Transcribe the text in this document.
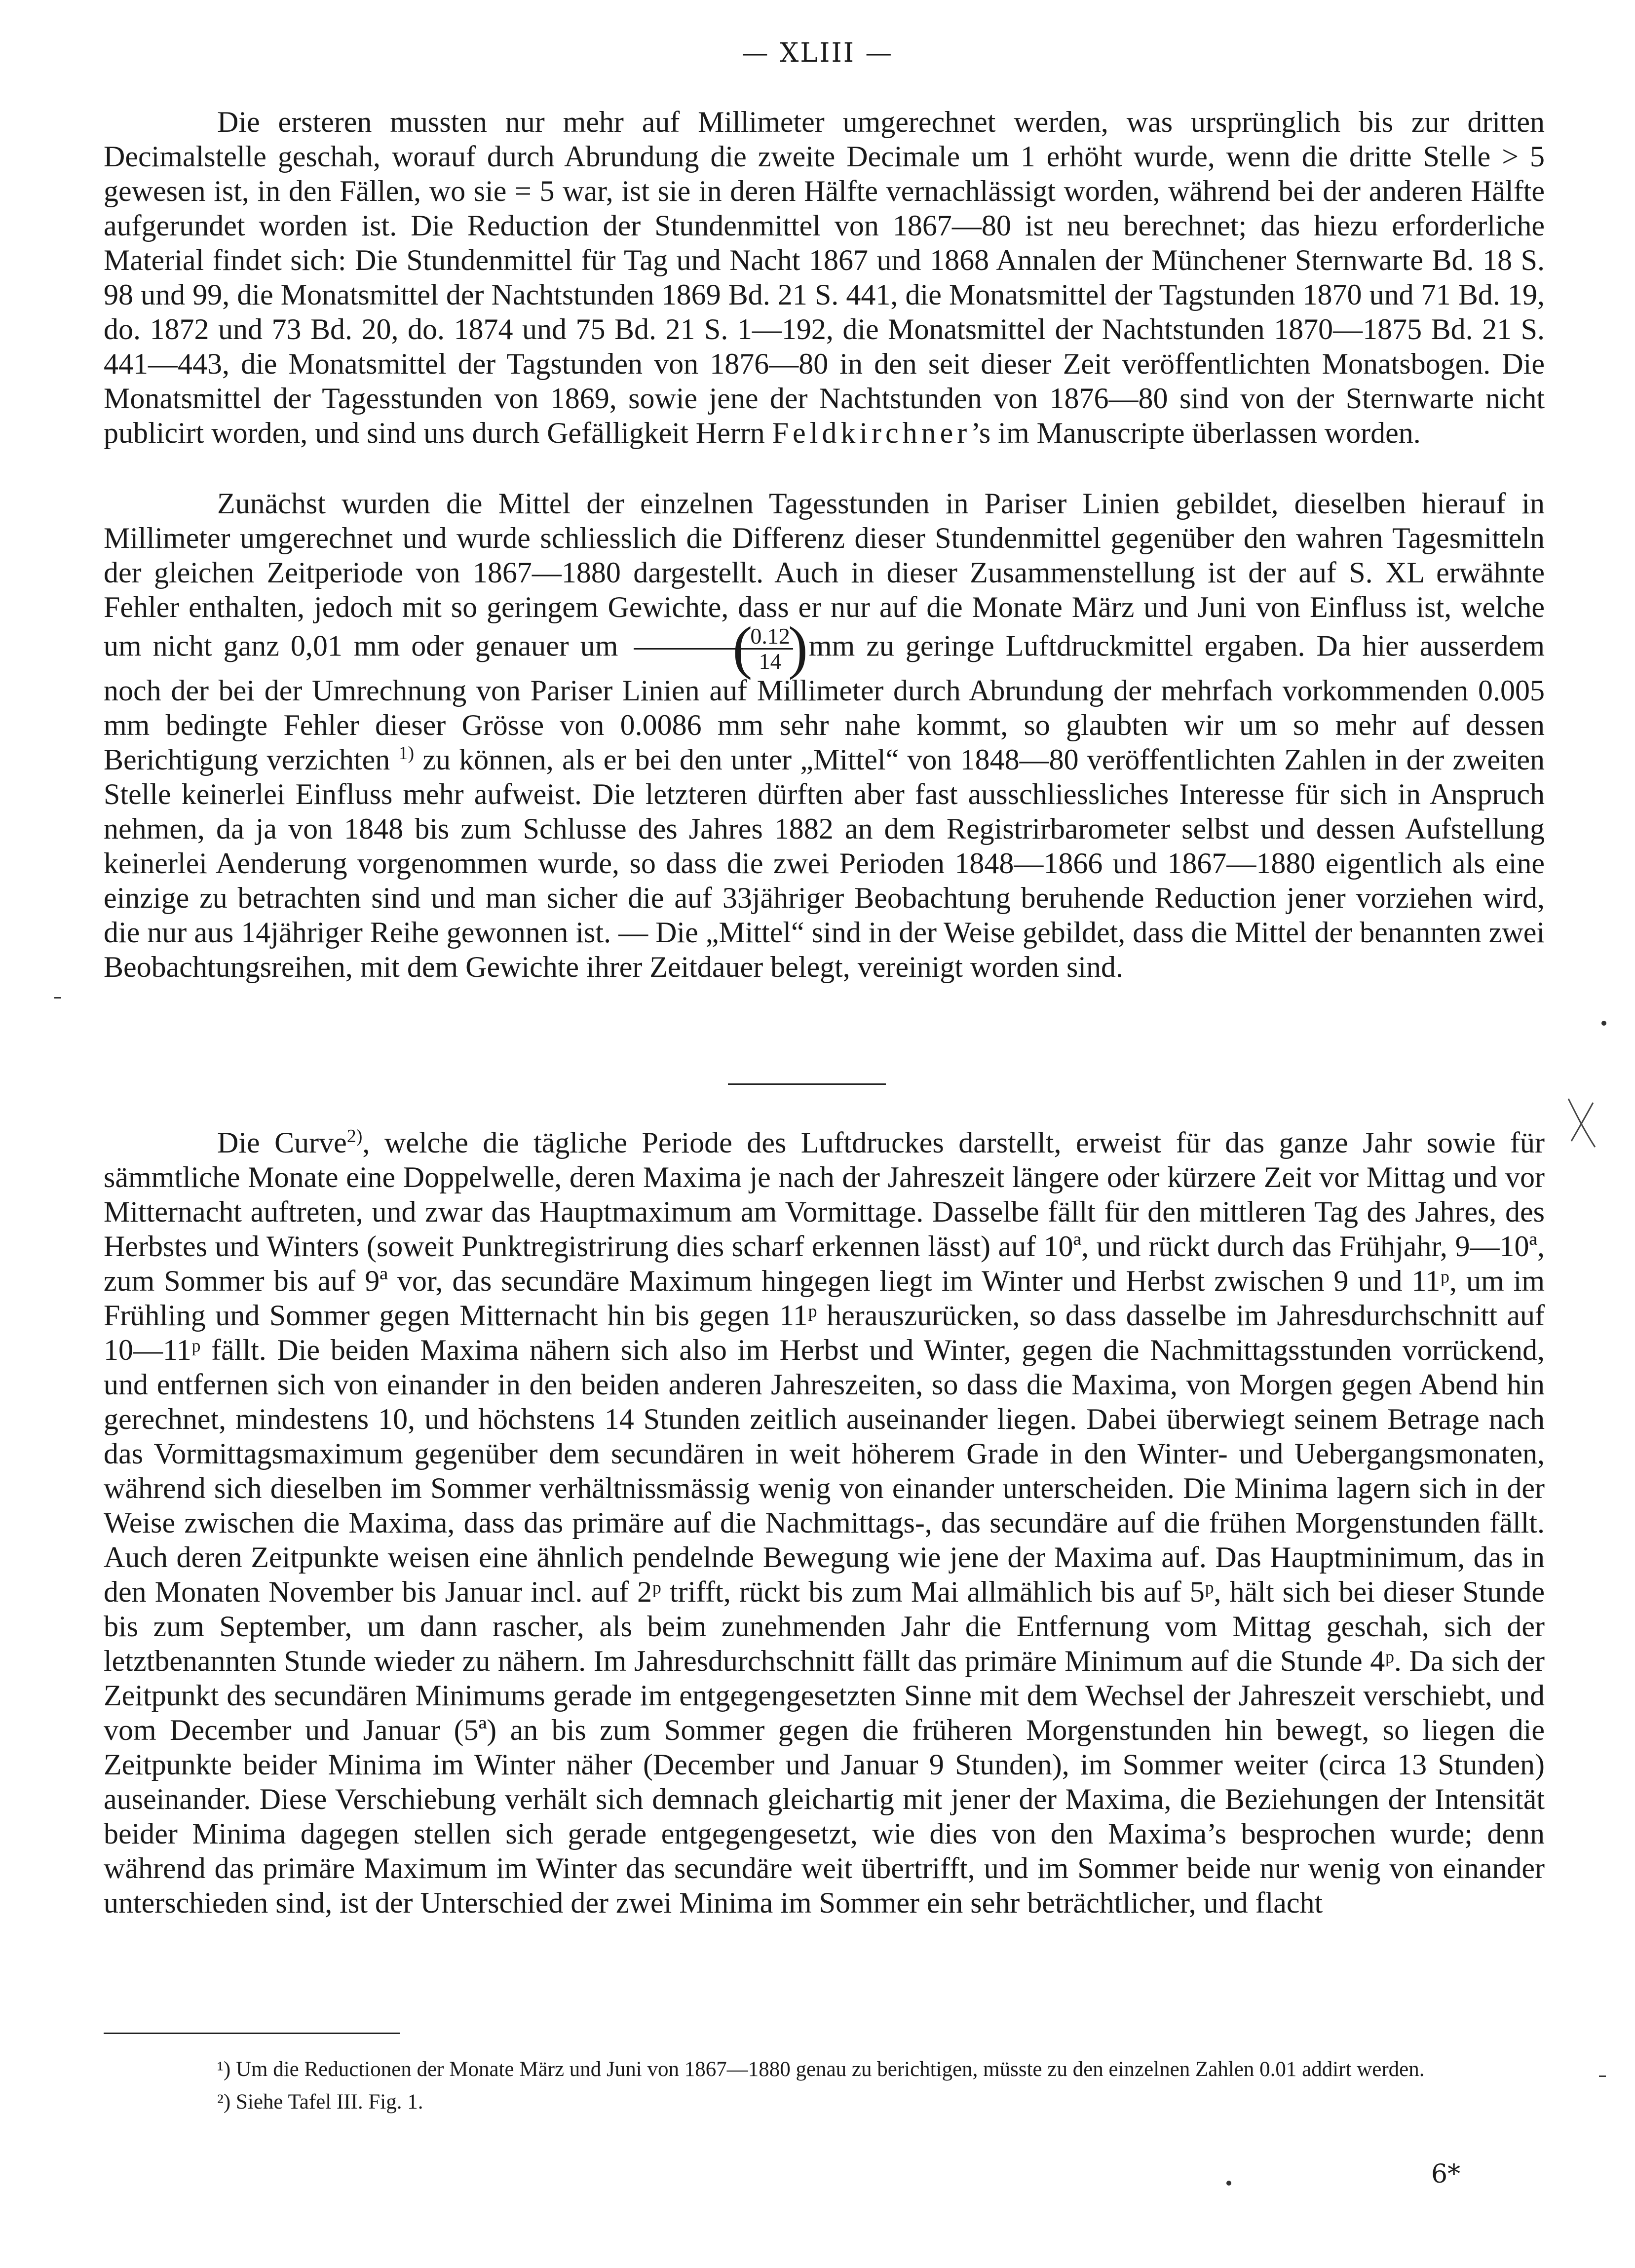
— XLIII —

Die ersteren mussten nur mehr auf Millimeter umgerechnet werden, was ursprünglich bis zur dritten Decimalstelle geschah, worauf durch Abrundung die zweite Decimale um 1 erhöht wurde, wenn die dritte Stelle > 5 gewesen ist, in den Fällen, wo sie = 5 war, ist sie in deren Hälfte vernachlässigt worden, während bei der anderen Hälfte aufgerundet worden ist. Die Reduction der Stundenmittel von 1867—80 ist neu berechnet; das hiezu erforderliche Material findet sich: Die Stundenmittel für Tag und Nacht 1867 und 1868 Annalen der Münchener Sternwarte Bd. 18 S. 98 und 99, die Monatsmittel der Nachtstunden 1869 Bd. 21 S. 441, die Monatsmittel der Tagstunden 1870 und 71 Bd. 19, do. 1872 und 73 Bd. 20, do. 1874 und 75 Bd. 21 S. 1—192, die Monatsmittel der Nachtstunden 1870—1875 Bd. 21 S. 441—443, die Monatsmittel der Tagstunden von 1876—80 in den seit dieser Zeit veröffentlichten Monatsbogen. Die Monatsmittel der Tagesstunden von 1869, sowie jene der Nachtstunden von 1876—80 sind von der Sternwarte nicht publicirt worden, und sind uns durch Gefälligkeit Herrn Feldkirchner’s im Manuscripte überlassen worden.

Zunächst wurden die Mittel der einzelnen Tagesstunden in Pariser Linien gebildet, dieselben hierauf in Millimeter umgerechnet und wurde schliesslich die Differenz dieser Stundenmittel gegenüber den wahren Tagesmitteln der gleichen Zeitperiode von 1867—1880 dargestellt. Auch in dieser Zusammenstellung ist der auf S. XL erwähnte Fehler enthalten, jedoch mit so geringem Gewichte, dass er nur auf die Monate März und Juni von Einfluss ist, welche um nicht ganz 0,01 mm oder genauer um	(
0.12
14 ) mm zu geringe Luftdruckmittel ergaben. Da hier ausserdem noch der bei der Umrechnung von Pariser Linien auf Millimeter durch Abrundung der mehrfach vorkommenden 0.005 mm bedingte Fehler dieser Grösse von 0.0086 mm sehr nahe kommt, so glaubten wir um so mehr auf dessen Berichtigung verzichten $^{1)}$ zu können, als er bei den unter „Mittel“ von 1848—80 veröffentlichten Zahlen in der zweiten Stelle keinerlei Einfluss mehr aufweist. Die letzteren dürften aber fast ausschliessliches Interesse für sich in Anspruch nehmen, da ja von 1848 bis zum Schlusse des Jahres 1882 an dem Registrirbarometer selbst und dessen Aufstellung keinerlei Aenderung vorgenommen wurde, so dass die zwei Perioden 1848—1866 und 1867—1880 eigentlich als eine einzige zu betrachten sind und man sicher die auf 33jähriger Beobachtung beruhende Reduction jener vorziehen wird, die nur aus 14jähriger Reihe gewonnen ist. — Die „Mittel“ sind in der Weise gebildet, dass die Mittel der benannten zwei Beobachtungsreihen, mit dem Gewichte ihrer Zeitdauer belegt, vereinigt worden sind.

Die Curve$^{2)}$, welche die tägliche Periode des Luftdruckes darstellt, erweist für das ganze Jahr sowie für sämmtliche Monate eine Doppelwelle, deren Maxima je nach der Jahreszeit längere oder kürzere Zeit vor Mittag und vor Mitternacht auftreten, und zwar das Hauptmaximum am Vormittage. Dasselbe fällt für den mittleren Tag des Jahres, des Herbstes und Winters (soweit Punktregistrirung dies scharf erkennen lässt) auf 10ª, und rückt durch das Frühjahr, 9—10ª, zum Sommer bis auf 9ª vor, das secundäre Maximum hingegen liegt im Winter und Herbst zwischen 9 und 11ᵖ, um im Frühling und Sommer gegen Mitternacht hin bis gegen 11ᵖ herauszurücken, so dass dasselbe im Jahresdurchschnitt auf 10—11ᵖ fällt. Die beiden Maxima nähern sich also im Herbst und Winter, gegen die Nachmittagsstunden vorrückend, und entfernen sich von einander in den beiden anderen Jahreszeiten, so dass die Maxima, von Morgen gegen Abend hin gerechnet, mindestens 10, und höchstens 14 Stunden zeitlich auseinander liegen. Dabei überwiegt seinem Betrage nach das Vormittagsmaximum gegenüber dem secundären in weit höherem Grade in den Winter- und Uebergangsmonaten, während sich dieselben im Sommer verhältnissmässig wenig von einander unterscheiden. Die Minima lagern sich in der Weise zwischen die Maxima, dass das primäre auf die Nachmittags-, das secundäre auf die frühen Morgenstunden fällt. Auch deren Zeitpunkte weisen eine ähnlich pendelnde Bewegung wie jene der Maxima auf. Das Hauptminimum, das in den Monaten November bis Januar incl. auf 2ᵖ trifft, rückt bis zum Mai allmählich bis auf 5ᵖ, hält sich bei dieser Stunde bis zum September, um dann rascher, als beim zunehmenden Jahr die Entfernung vom Mittag geschah, sich der letztbenannten Stunde wieder zu nähern. Im Jahresdurchschnitt fällt das primäre Minimum auf die Stunde 4ᵖ. Da sich der Zeitpunkt des secundären Minimums gerade im entgegengesetzten Sinne mit dem Wechsel der Jahreszeit verschiebt, und vom December und Januar (5ª) an bis zum Sommer gegen die früheren Morgenstunden hin bewegt, so liegen die Zeitpunkte beider Minima im Winter näher (December und Januar 9 Stunden), im Sommer weiter (circa 13 Stunden) auseinander. Diese Verschiebung verhält sich demnach gleichartig mit jener der Maxima, die Beziehungen der Intensität beider Minima dagegen stellen sich gerade entgegengesetzt, wie dies von den Maxima’s besprochen wurde; denn während das primäre Maximum im Winter das secundäre weit übertrifft, und im Sommer beide nur wenig von einander unterschieden sind, ist der Unterschied der zwei Minima im Sommer ein sehr beträchtlicher, und flacht

¹) Um die Reductionen der Monate März und Juni von 1867—1880 genau zu berichtigen, müsste zu den einzelnen Zahlen 0.01 addirt werden.

²) Siehe Tafel III. Fig. 1.

6*
